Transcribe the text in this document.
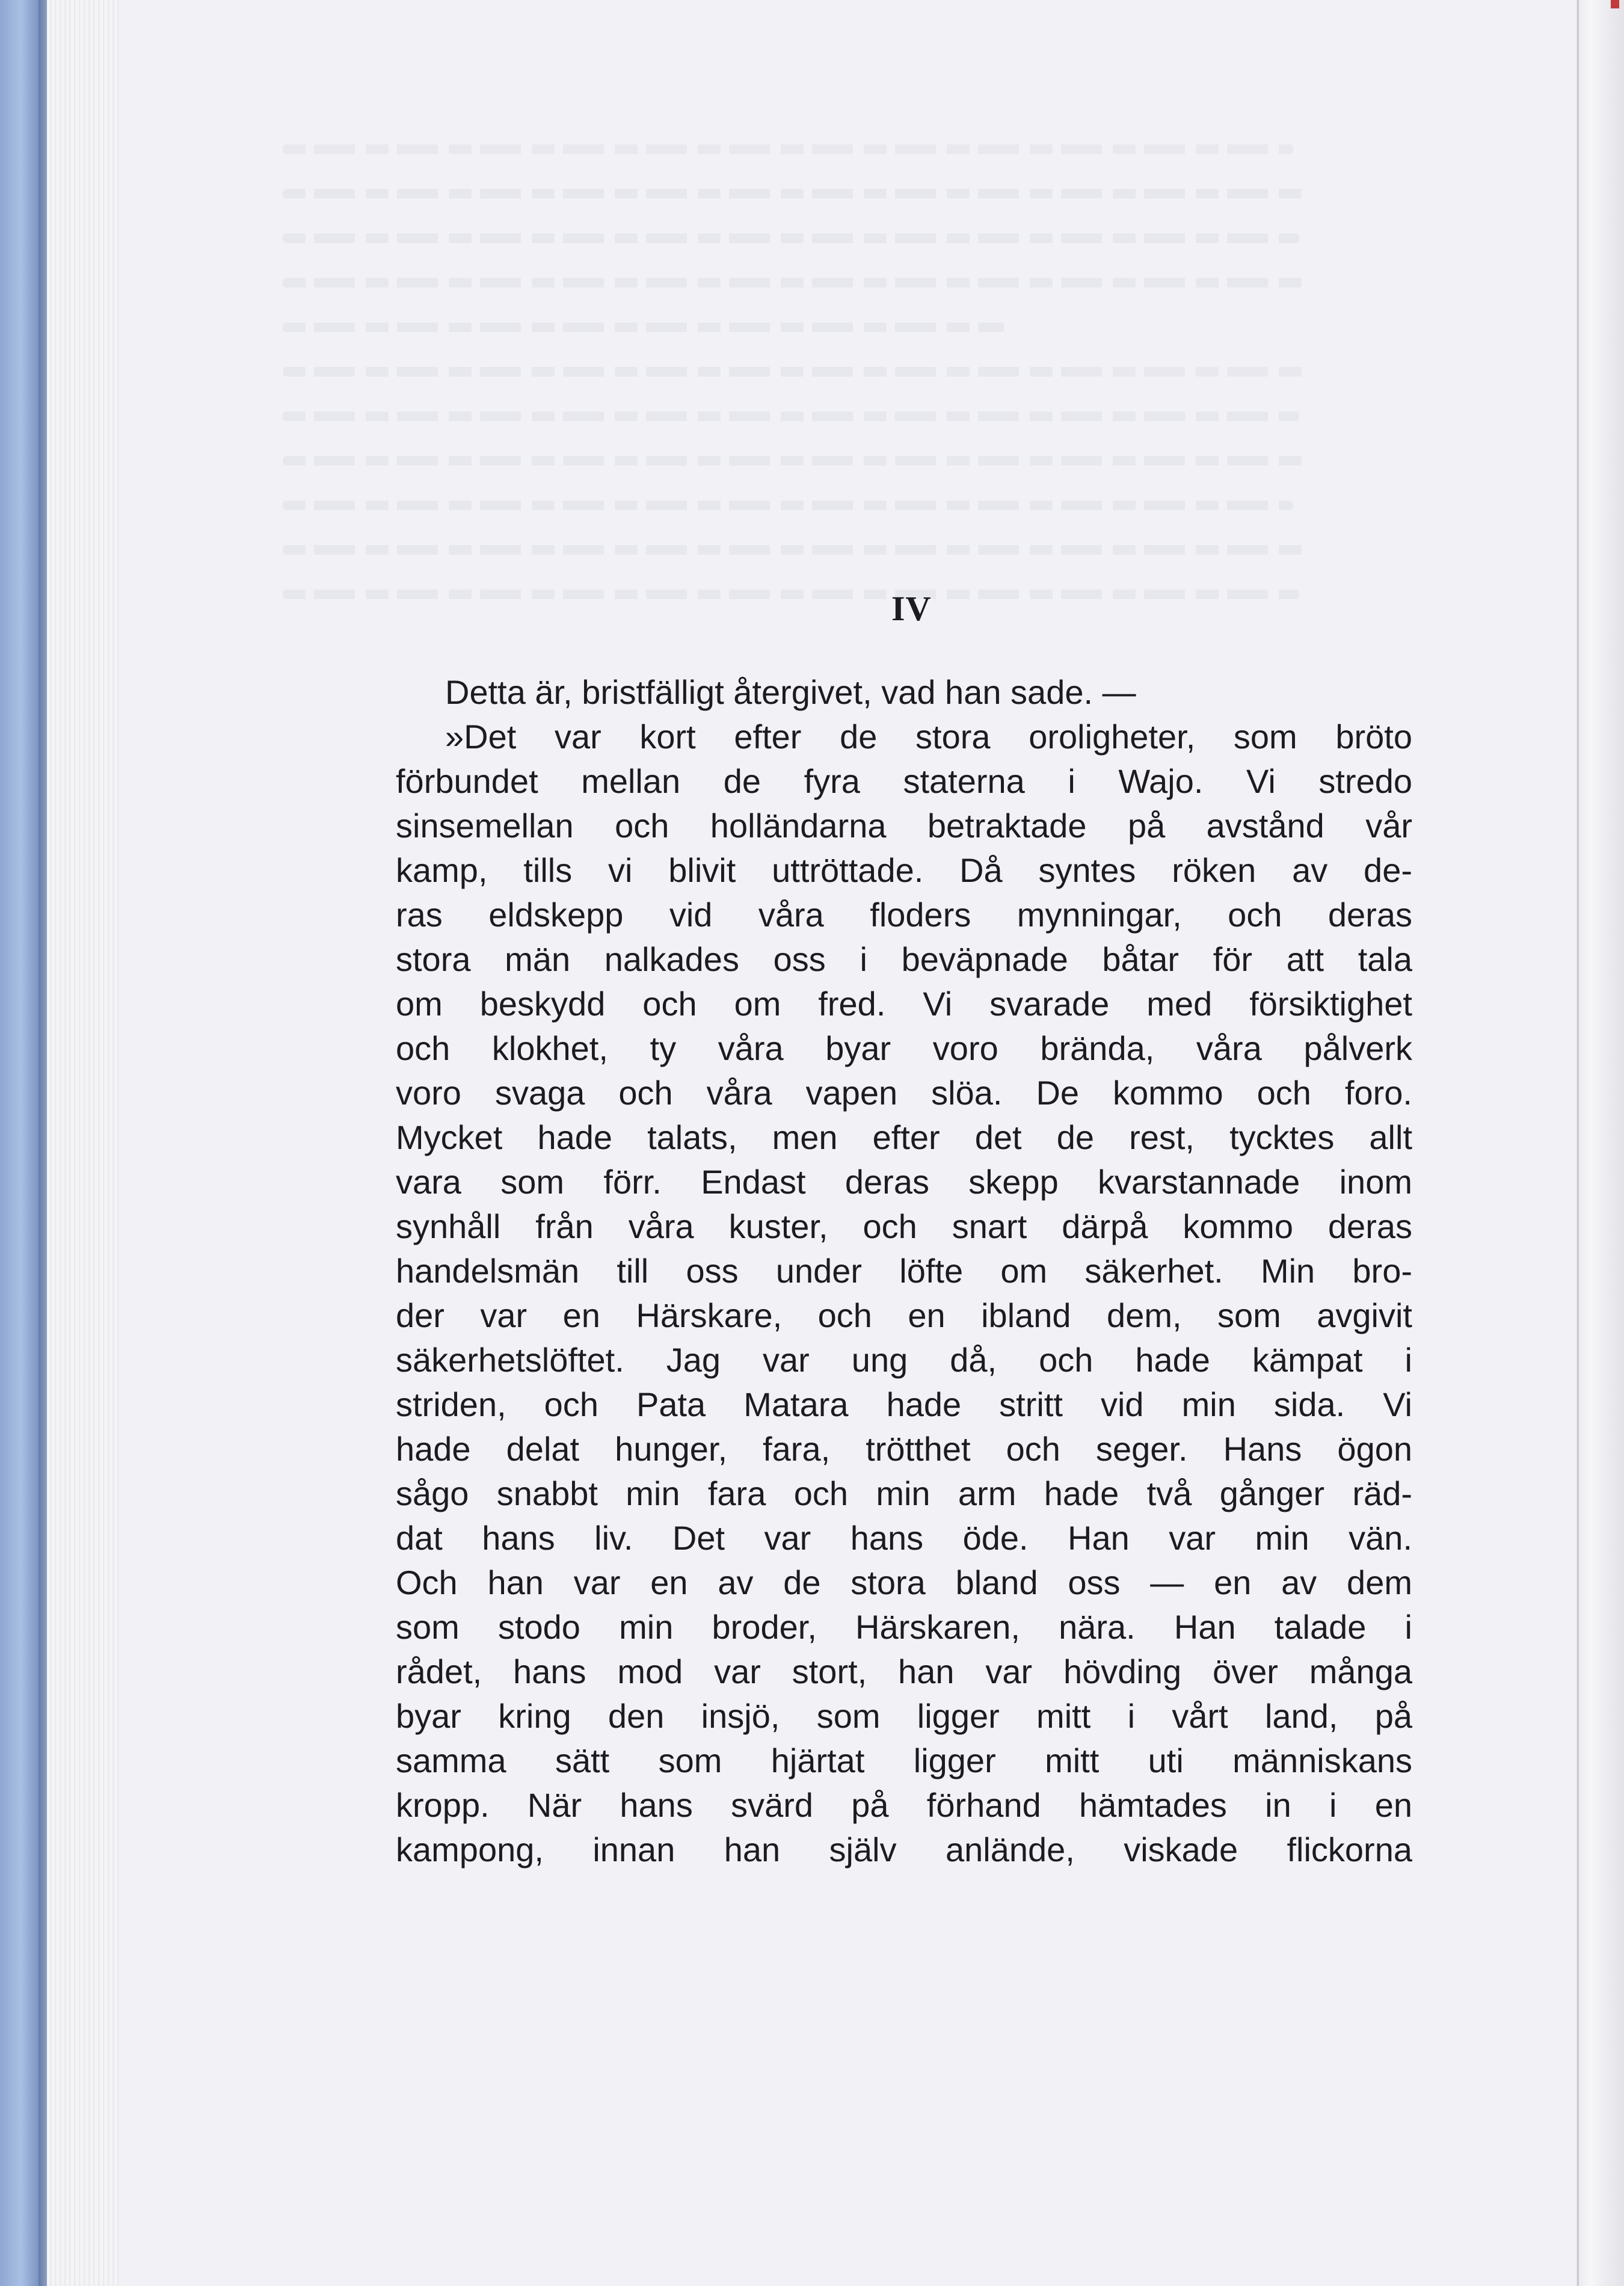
IV
Detta är, bristfälligt återgivet, vad han sade. —
»Det var kort efter de stora oroligheter, som bröto
förbundet mellan de fyra staterna i Wajo. Vi stredo
sinsemellan och holländarna betraktade på avstånd vår
kamp, tills vi blivit uttröttade. Då syntes röken av de-
ras eldskepp vid våra floders mynningar, och deras
stora män nalkades oss i beväpnade båtar för att tala
om beskydd och om fred. Vi svarade med försiktighet
och klokhet, ty våra byar voro brända, våra pålverk
voro svaga och våra vapen slöa. De kommo och foro.
Mycket hade talats, men efter det de rest, tycktes allt
vara som förr. Endast deras skepp kvarstannade inom
synhåll från våra kuster, och snart därpå kommo deras
handelsmän till oss under löfte om säkerhet. Min bro-
der var en Härskare, och en ibland dem, som avgivit
säkerhetslöftet. Jag var ung då, och hade kämpat i
striden, och Pata Matara hade stritt vid min sida. Vi
hade delat hunger, fara, trötthet och seger. Hans ögon
sågo snabbt min fara och min arm hade två gånger räd-
dat hans liv. Det var hans öde. Han var min vän.
Och han var en av de stora bland oss — en av dem
som stodo min broder, Härskaren, nära. Han talade i
rådet, hans mod var stort, han var hövding över många
byar kring den insjö, som ligger mitt i vårt land, på
samma sätt som hjärtat ligger mitt uti människans
kropp. När hans svärd på förhand hämtades in i en
kampong, innan han själv anlände, viskade flickorna
